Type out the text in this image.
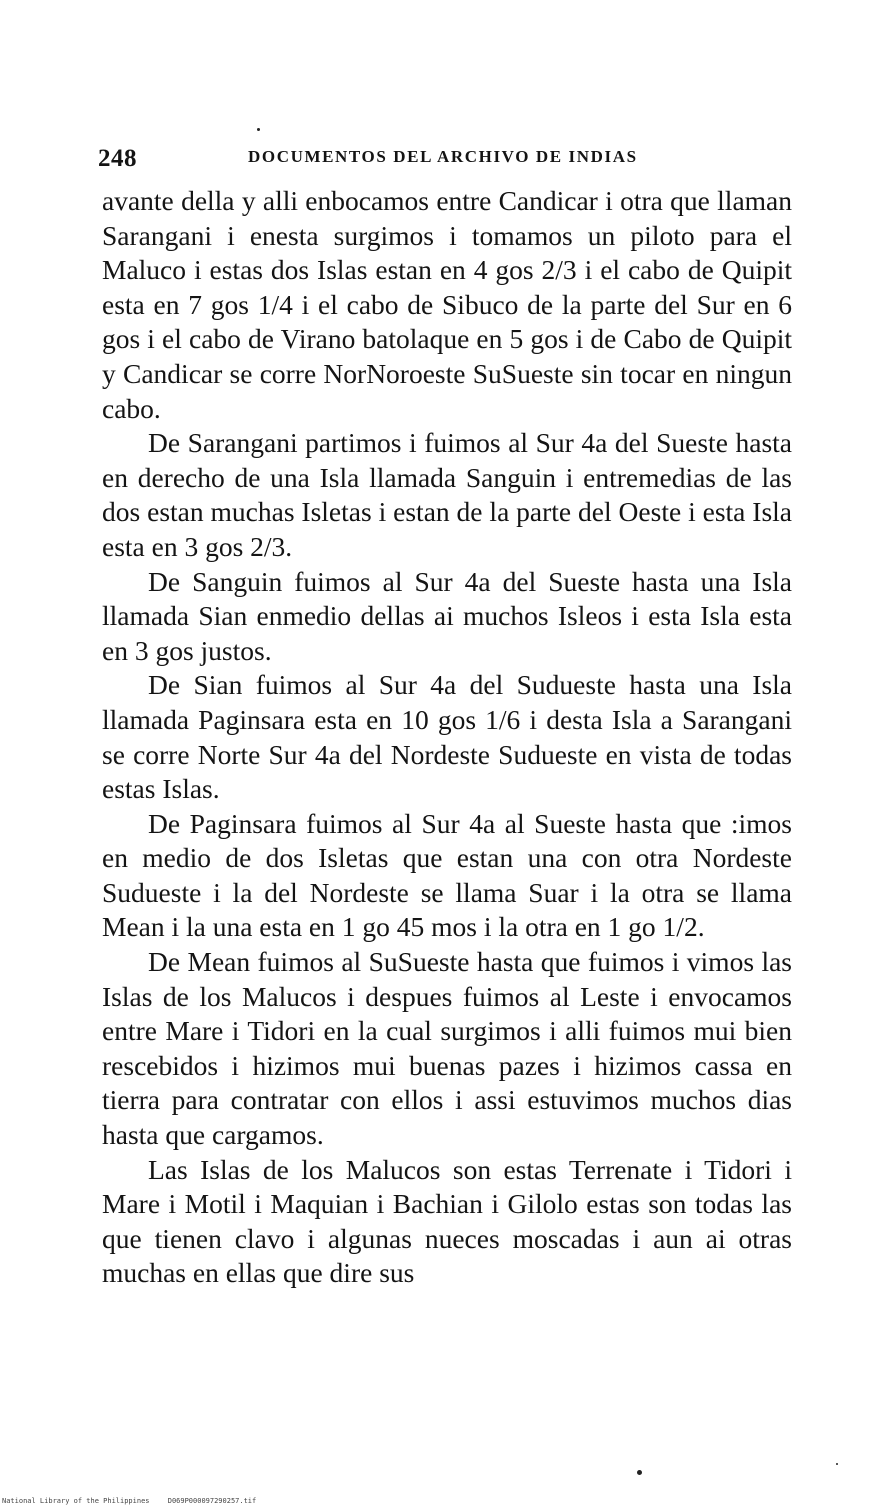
248	DOCUMENTOS DEL ARCHIVO DE INDIAS

avante della y alli enbocamos entre Candicar i otra que llaman Sarangani i enesta surgimos i tomamos un piloto para el Maluco i estas dos Islas estan en 4 gos 2/3 i el cabo de Quipit esta en 7 gos 1/4 i el cabo de Sibuco de la parte del Sur en 6 gos i el cabo de Virano batolaque en 5 gos i de Cabo de Quipit y Candicar se corre NorNoroeste SuSueste sin tocar en ningun cabo.

De Sarangani partimos i fuimos al Sur 4a del Sueste hasta en derecho de una Isla llamada Sanguin i entremedias de las dos estan muchas Isletas i estan de la parte del Oeste i esta Isla esta en 3 gos 2/3.

De Sanguin fuimos al Sur 4a del Sueste hasta una Isla llamada Sian enmedio dellas ai muchos Isleos i esta Isla esta en 3 gos justos.

De Sian fuimos al Sur 4a del Sudueste hasta una Isla llamada Paginsara esta en 10 gos 1/6 i desta Isla a Sarangani se corre Norte Sur 4a del Nordeste Sudueste en vista de todas estas Islas.

De Paginsara fuimos al Sur 4a al Sueste hasta que :imos en medio de dos Isletas que estan una con otra Nordeste Sudueste i la del Nordeste se llama Suar i la otra se llama Mean i la una esta en 1 go 45 mos i la otra en 1 go 1/2.

De Mean fuimos al SuSueste hasta que fuimos i vimos las Islas de los Malucos i despues fuimos al Leste i envocamos entre Mare i Tidori en la cual surgimos i alli fuimos mui bien rescebidos i hizimos mui buenas pazes i hizimos cassa en tierra para contratar con ellos i assi estuvimos muchos dias hasta que cargamos.

Las Islas de los Malucos son estas Terrenate i Tidori i Mare i Motil i Maquian i Bachian i Gilolo estas son todas las que tienen clavo i algunas nueces moscadas i aun ai otras muchas en ellas que dire sus

National Library of the Philippines	D069P000097290257.tif
